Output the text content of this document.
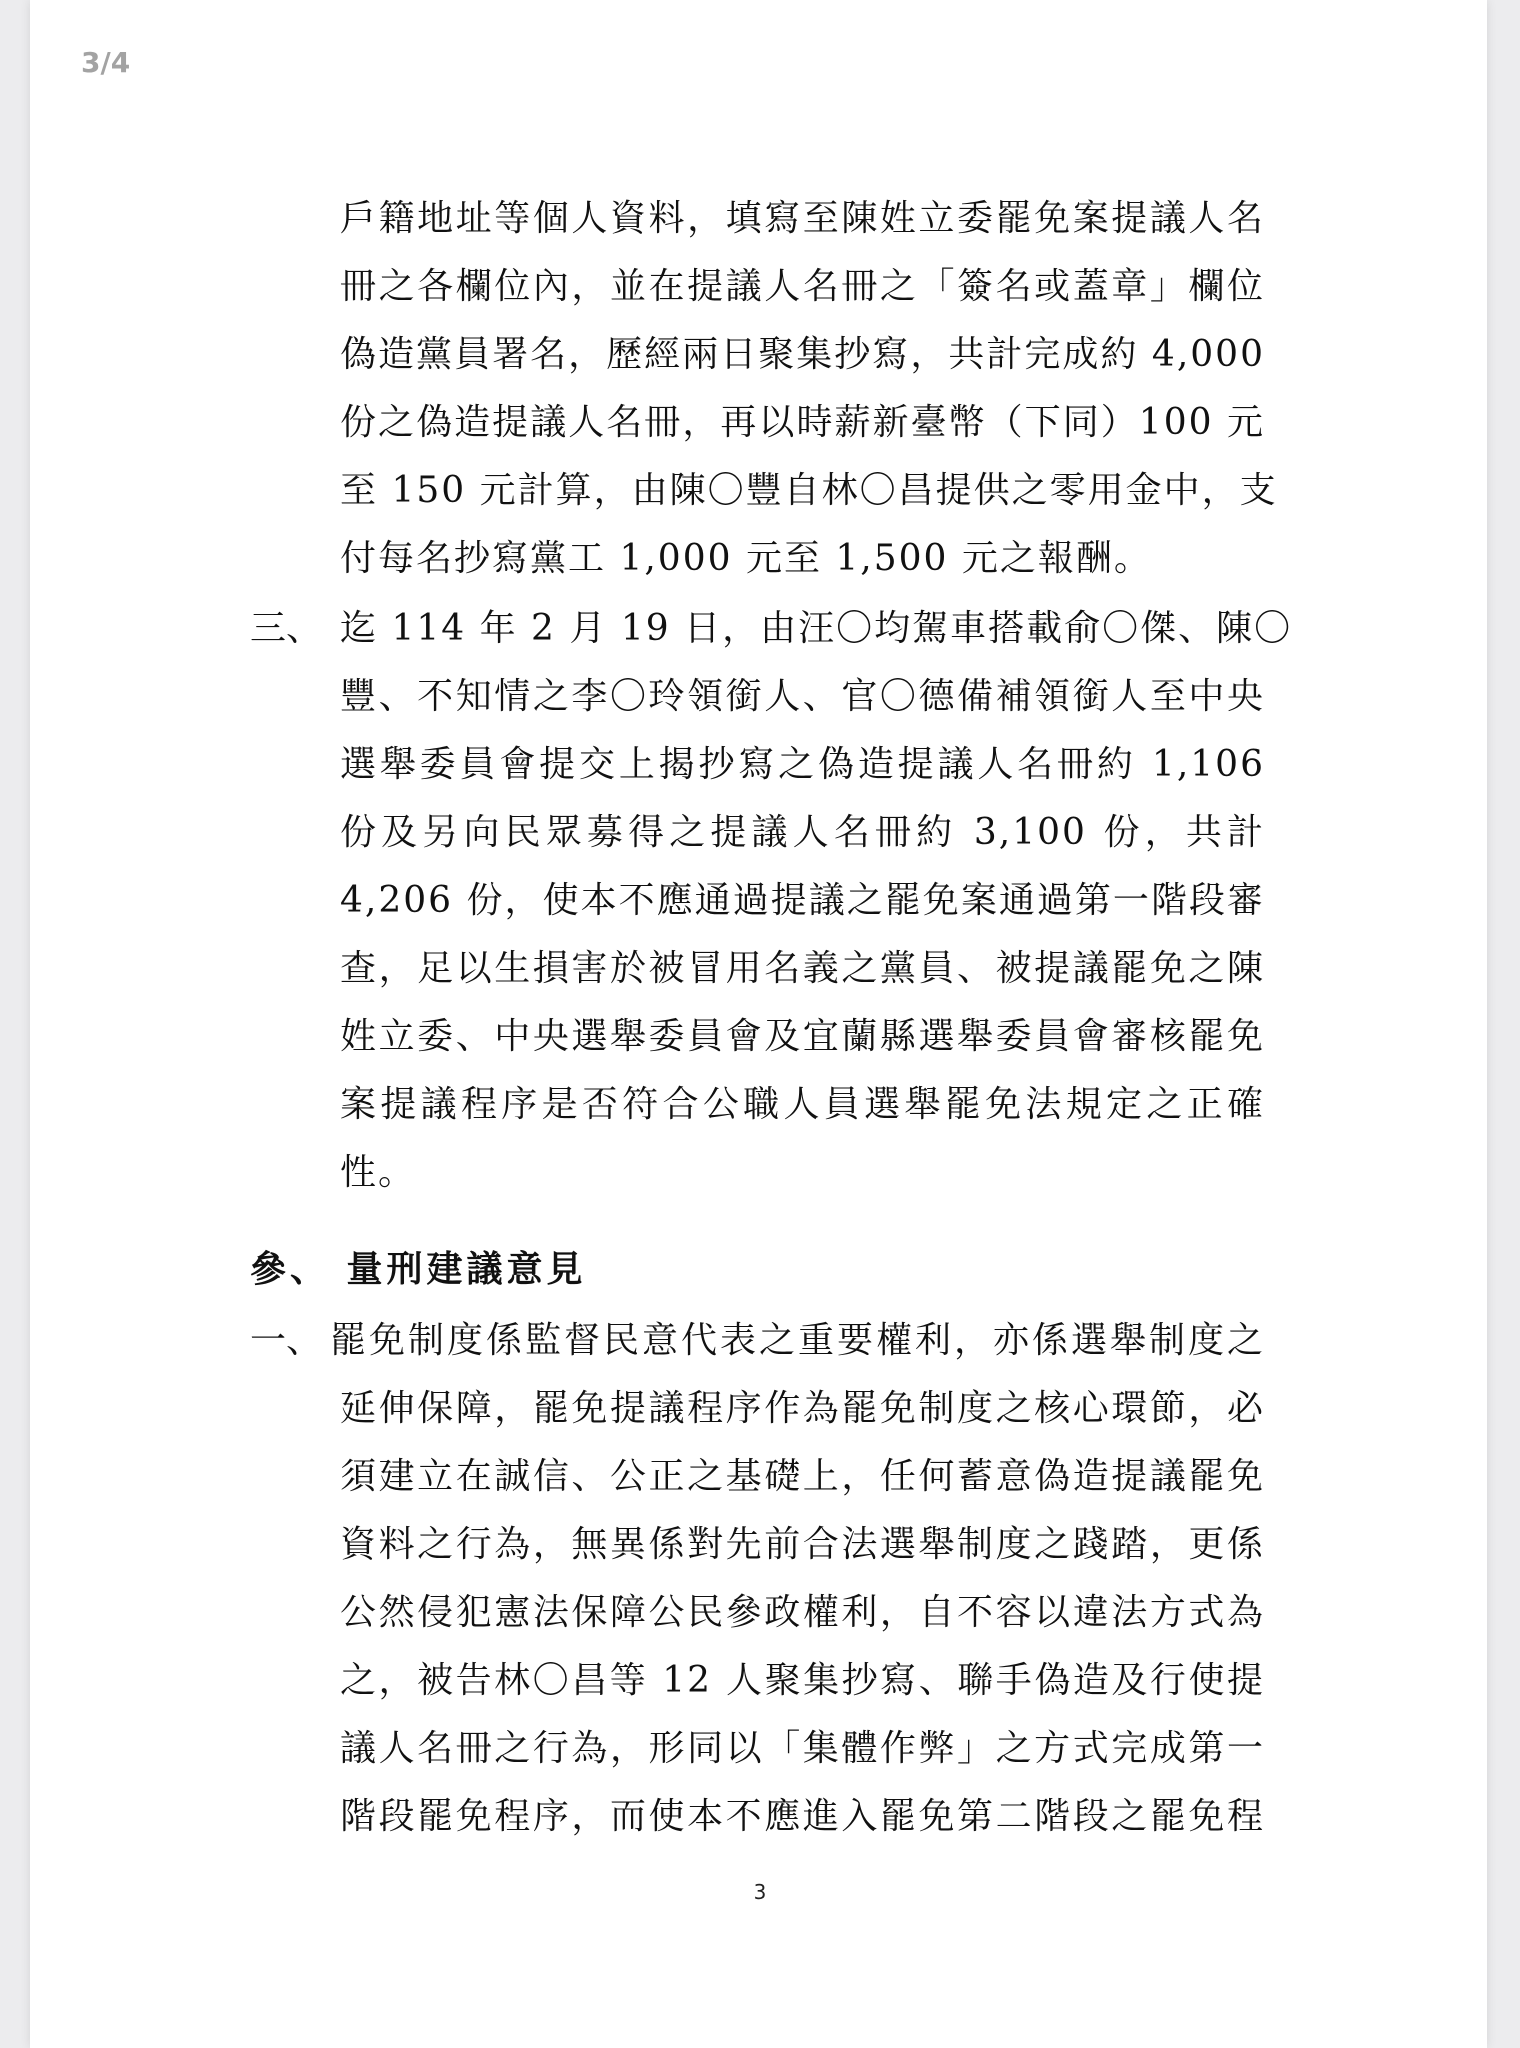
3/4
戶籍地址等個人資料，填寫至陳姓立委罷免案提議人名
冊之各欄位內，並在提議人名冊之「簽名或蓋章」欄位
偽造黨員署名，歷經兩日聚集抄寫，共計完成約 4,000
份之偽造提議人名冊，再以時薪新臺幣（下同）100 元
至 150 元計算，由陳〇豐自林〇昌提供之零用金中，支
付每名抄寫黨工 1,000 元至 1,500 元之報酬。
三、 迄 114 年 2 月 19 日，由汪〇均駕車搭載俞〇傑、陳〇
豐、不知情之李〇玲領銜人、官〇德備補領銜人至中央
選舉委員會提交上揭抄寫之偽造提議人名冊約 1,106
份及另向民眾募得之提議人名冊約 3,100 份，共計
4,206 份，使本不應通過提議之罷免案通過第一階段審
查，足以生損害於被冒用名義之黨員、被提議罷免之陳
姓立委、中央選舉委員會及宜蘭縣選舉委員會審核罷免
案提議程序是否符合公職人員選舉罷免法規定之正確
性。
參、 量刑建議意見
一、 罷免制度係監督民意代表之重要權利，亦係選舉制度之
延伸保障，罷免提議程序作為罷免制度之核心環節，必
須建立在誠信、公正之基礎上，任何蓄意偽造提議罷免
資料之行為，無異係對先前合法選舉制度之踐踏，更係
公然侵犯憲法保障公民參政權利，自不容以違法方式為
之，被告林〇昌等 12 人聚集抄寫、聯手偽造及行使提
議人名冊之行為，形同以「集體作弊」之方式完成第一
階段罷免程序，而使本不應進入罷免第二階段之罷免程
3
